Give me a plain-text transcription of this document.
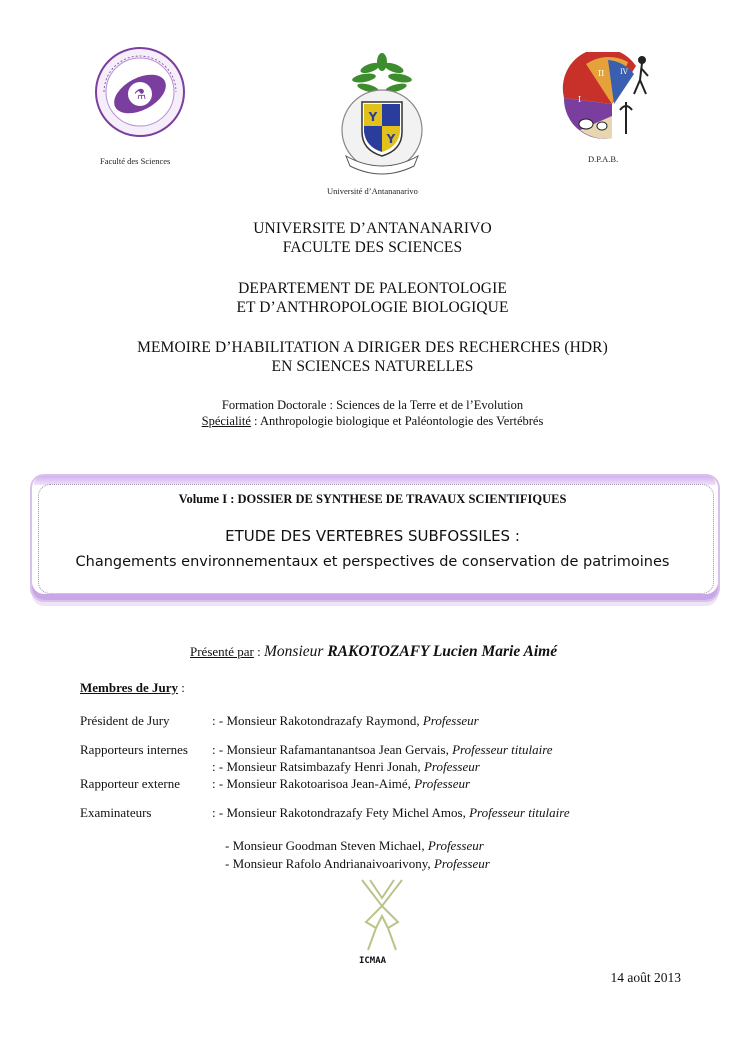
⚗
Faculté des Sciences
Y
Y
Université d’Antananarivo
I
II IV
D.P.A.B.
UNIVERSITE D’ANTANANARIVO
FACULTE DES SCIENCES
DEPARTEMENT DE PALEONTOLOGIE
ET D’ANTHROPOLOGIE BIOLOGIQUE
MEMOIRE D’HABILITATION A DIRIGER DES RECHERCHES (HDR)
EN SCIENCES NATURELLES
Formation Doctorale : Sciences de la Terre et de l’Evolution
Spécialité : Anthropologie biologique et Paléontologie des Vertébrés
Volume I : DOSSIER DE SYNTHESE DE TRAVAUX SCIENTIFIQUES
ETUDE DES VERTEBRES SUBFOSSILES :
Changements environnementaux et perspectives de conservation de patrimoines
Présenté par : Monsieur RAKOTOZAFY Lucien Marie Aimé
Membres de Jury :
Président de Jury	: - Monsieur Rakotondrazafy Raymond, Professeur
Rapporteurs internes : - Monsieur Rafamantanantsoa Jean Gervais, Professeur titulaire
: - Monsieur Ratsimbazafy Henri Jonah, Professeur
Rapporteur externe : - Monsieur Rakotoarisoa Jean-Aimé, Professeur
Examinateurs	: - Monsieur Rakotondrazafy Fety Michel Amos, Professeur titulaire

- Monsieur Goodman Steven Michael, Professeur

- Monsieur Rafolo Andrianaivoarivony, Professeur

ICMAA
14 août 2013
